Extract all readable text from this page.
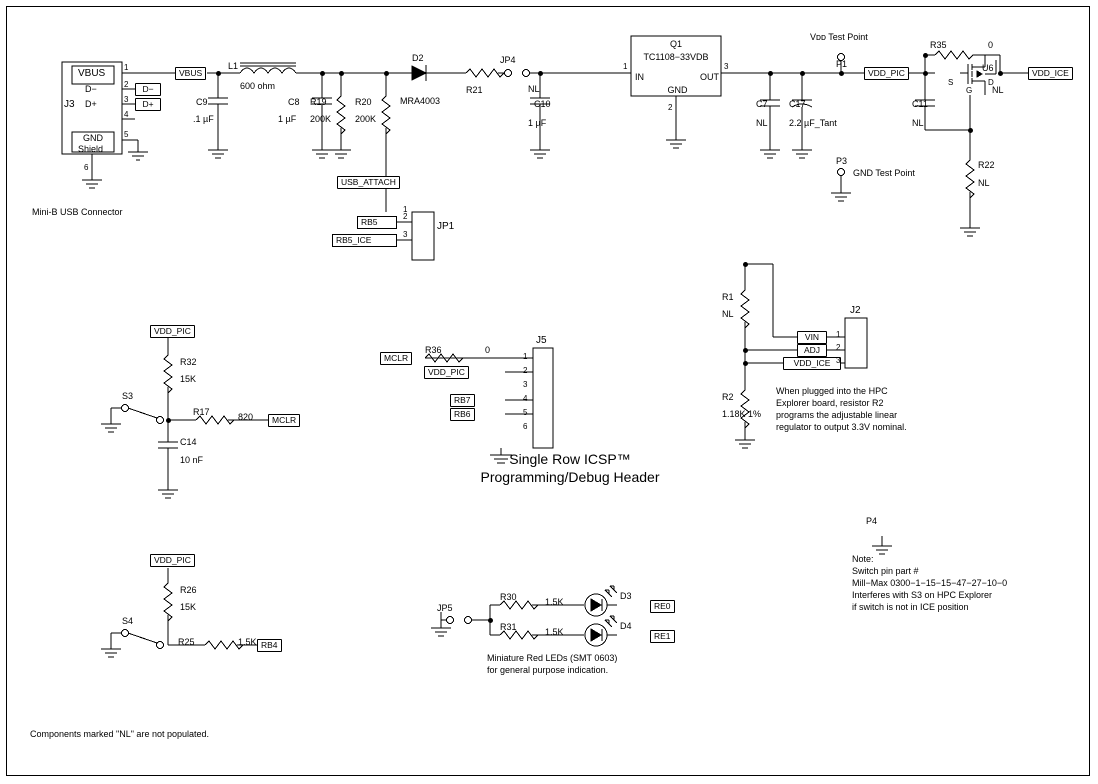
VBUS
D−
J3 D+
GND
Shield
1
2
3
4
5
6
Mini-B USB Connector
VBUS
D−
D+
L1
600 ohm
C9
.1 µF
C8
1 µF
R19
200K
R20
200K
D2
MRA4003
R21
JP4
NL
C10
1 µF
Q1
TC1108−33VDB
IN	OUT
GND
1	3
2	C7
NL
C17
2.2 µF_Tant
Vᴅᴅ Test Point
P1
P3
GND Test Point
VDD_PIC	VDD_ICE
R35	0
U6
NL
S
G
D
C11
NL
R22
NL
USB_ATTACH
RB5
RB5_ICE
JP1
1
2
3
VDD_PIC
R32
15K
S3
R17	820	MCLR
C14
10 nF
VDD_PIC
R26
15K
S4
R25	1.5K RB4
MCLR
R36	0
VDD_PIC
RB7
RB6
J5
1
2
3
4
5
6
Single Row ICSP™
Programming/Debug Header
JP5
R30	1.5K
R31	1.5K
D3
D4
RE0
RE1
Miniature Red LEDs (SMT 0603)
for general purpose indication.
R1
NL
R2
1.18K 1%
VIN
ADJ
VDD_ICE
J2
1
2
3
When plugged into the HPC
Explorer board, resistor R2
programs the adjustable linear
regulator to output 3.3V nominal.
P4
Note:
Switch pin part #
Mill−Max 0300−1−15−15−47−27−10−0
Interferes with S3 on HPC Explorer
if switch is not in ICE position
Components marked "NL" are not populated.
